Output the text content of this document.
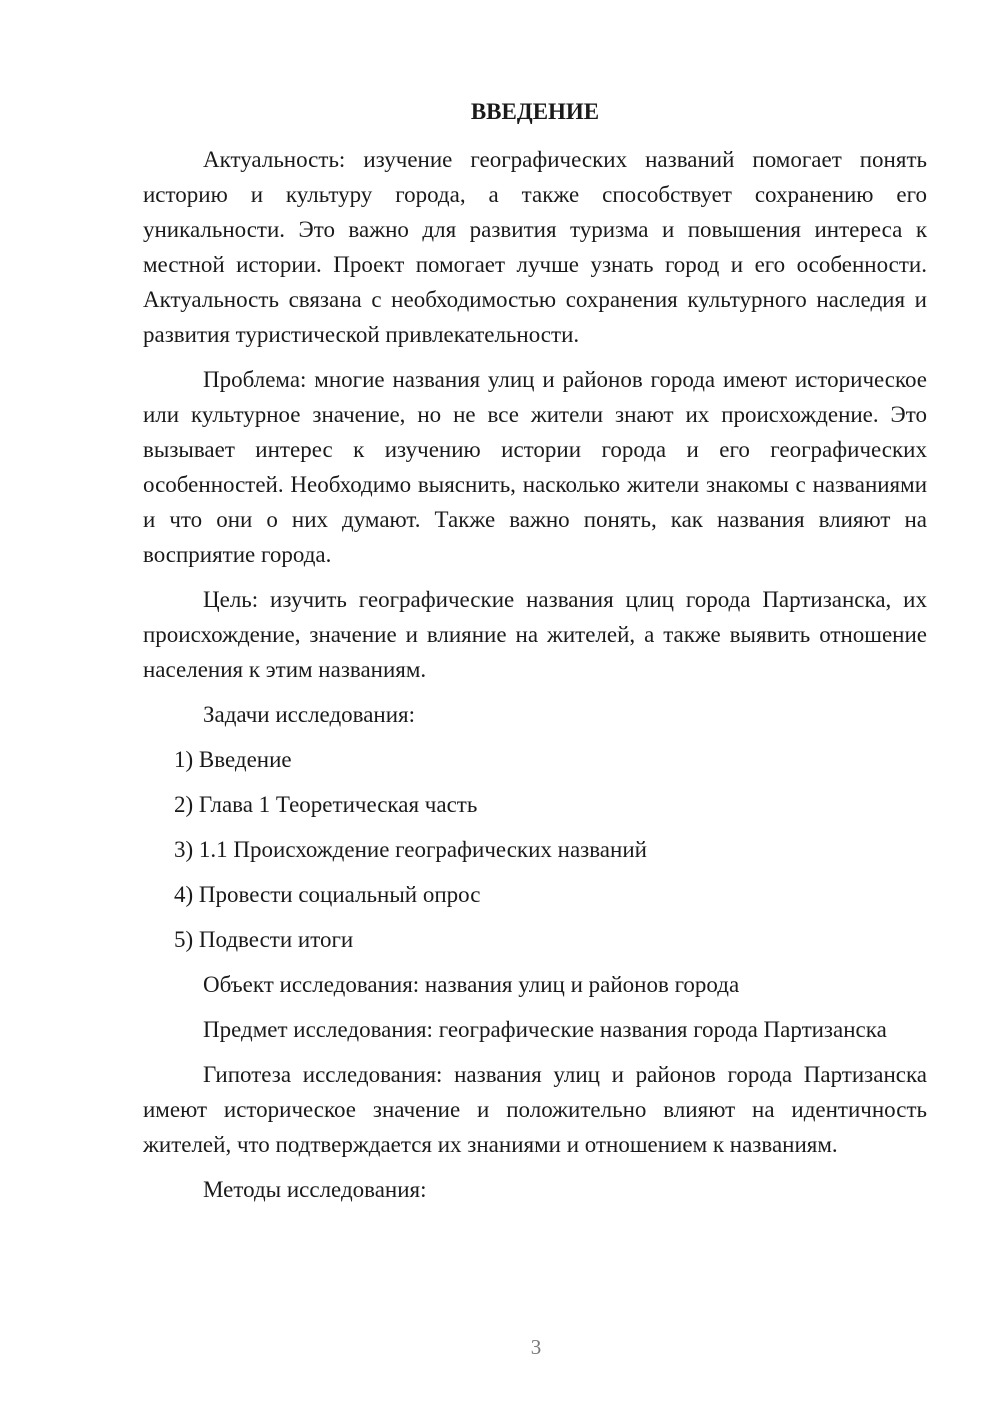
ВВЕДЕНИЕ

Актуальность: изучение географических названий помогает понять историю и культуру города, а также способствует сохранению его уникальности. Это важно для развития туризма и повышения интереса к местной истории. Проект помогает лучше узнать город и его особенности. Актуальность связана с необходимостью сохранения культурного наследия и развития туристической привлекательности.

Проблема: многие названия улиц и районов города имеют историческое или культурное значение, но не все жители знают их происхождение. Это вызывает интерес к изучению истории города и его географических особенностей. Необходимо выяснить, насколько жители знакомы с названиями и что они о них думают. Также важно понять, как названия влияют на восприятие города.

Цель: изучить географические названия цлиц города Партизанска, их происхождение, значение и влияние на жителей, а также выявить отношение населения к этим названиям.

Задачи исследования:

1) Введение
2) Глава 1 Теоретическая часть
3) 1.1 Происхождение географических названий
4) Провести социальный опрос
5) Подвести итоги

Объект исследования: названия улиц и районов города

Предмет исследования: географические названия города Партизанска

Гипотеза исследования: названия улиц и районов города Партизанска имеют историческое значение и положительно влияют на идентичность жителей, что подтверждается их знаниями и отношением к названиям.

Методы исследования:

3
